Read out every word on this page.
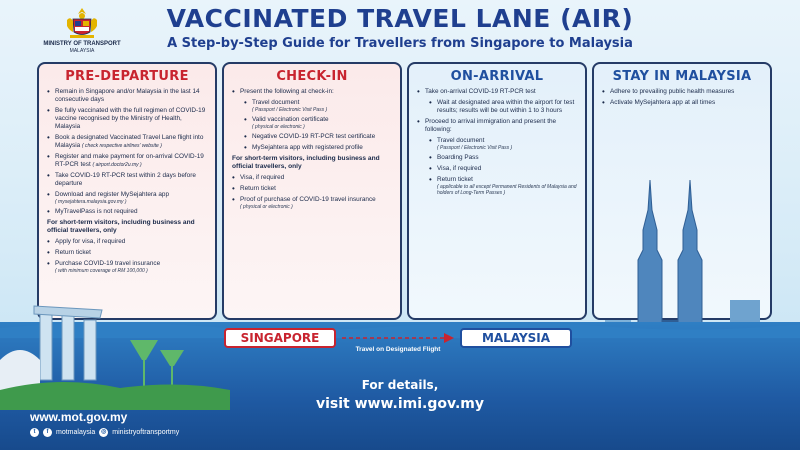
MINISTRY OF TRANSPORT
MALAYSIA
VACCINATED TRAVEL LANE (AIR)
A Step-by-Step Guide for Travellers from Singapore to Malaysia
PRE-DEPARTURE
• Remain in Singapore and/or Malaysia in the last 14 consecutive days
• Be fully vaccinated with the full regimen of COVID-19 vaccine recognised by the Ministry of Health, Malaysia
• Book a designated Vaccinated Travel Lane flight into Malaysia ( check respective airlines' website )
• Register and make payment for on-arrival COVID-19 RT-PCR test ( airport.doctor2u.my )
• Take COVID-19 RT-PCR test within 2 days before departure
• Download and register MySejahtera app
( mysejahtera.malaysia.gov.my )
• MyTravelPass is not required
For short-term visitors, including business and official travellers, only
• Apply for visa, if required
• Return ticket
• Purchase COVID-19 travel insurance
( with minimum coverage of RM 100,000 )
CHECK-IN
• Present the following at check-in:
• Travel document
( Passport / Electronic Visit Pass )
• Valid vaccination certificate
( physical or electronic )
• Negative COVID-19 RT-PCR test certificate
• MySejahtera app with registered profile
For short-term visitors, including business and official travellers, only
• Visa, if required
• Return ticket
• Proof of purchase of COVID-19 travel insurance
( physical or electronic )
ON-ARRIVAL
• Take on-arrival COVID-19 RT-PCR test
• Wait at designated area within the airport for test results; results will be out within 1 to 3 hours
• Proceed to arrival immigration and present the following:
• Travel document
( Passport / Electronic Visit Pass )
• Boarding Pass
• Visa, if required
• Return ticket
( applicable to all except Permanent Residents of Malaysia and holders of Long-Term Passes )
STAY IN MALAYSIA
• Adhere to prevailing public health measures
• Activate MySejahtera app at all times
SINGAPORE
Travel on Designated Flight
MALAYSIA
For details,
visit www.imi.gov.my
www.mot.gov.my
t	f	motmalaysia ◎ ministryoftransportmy
